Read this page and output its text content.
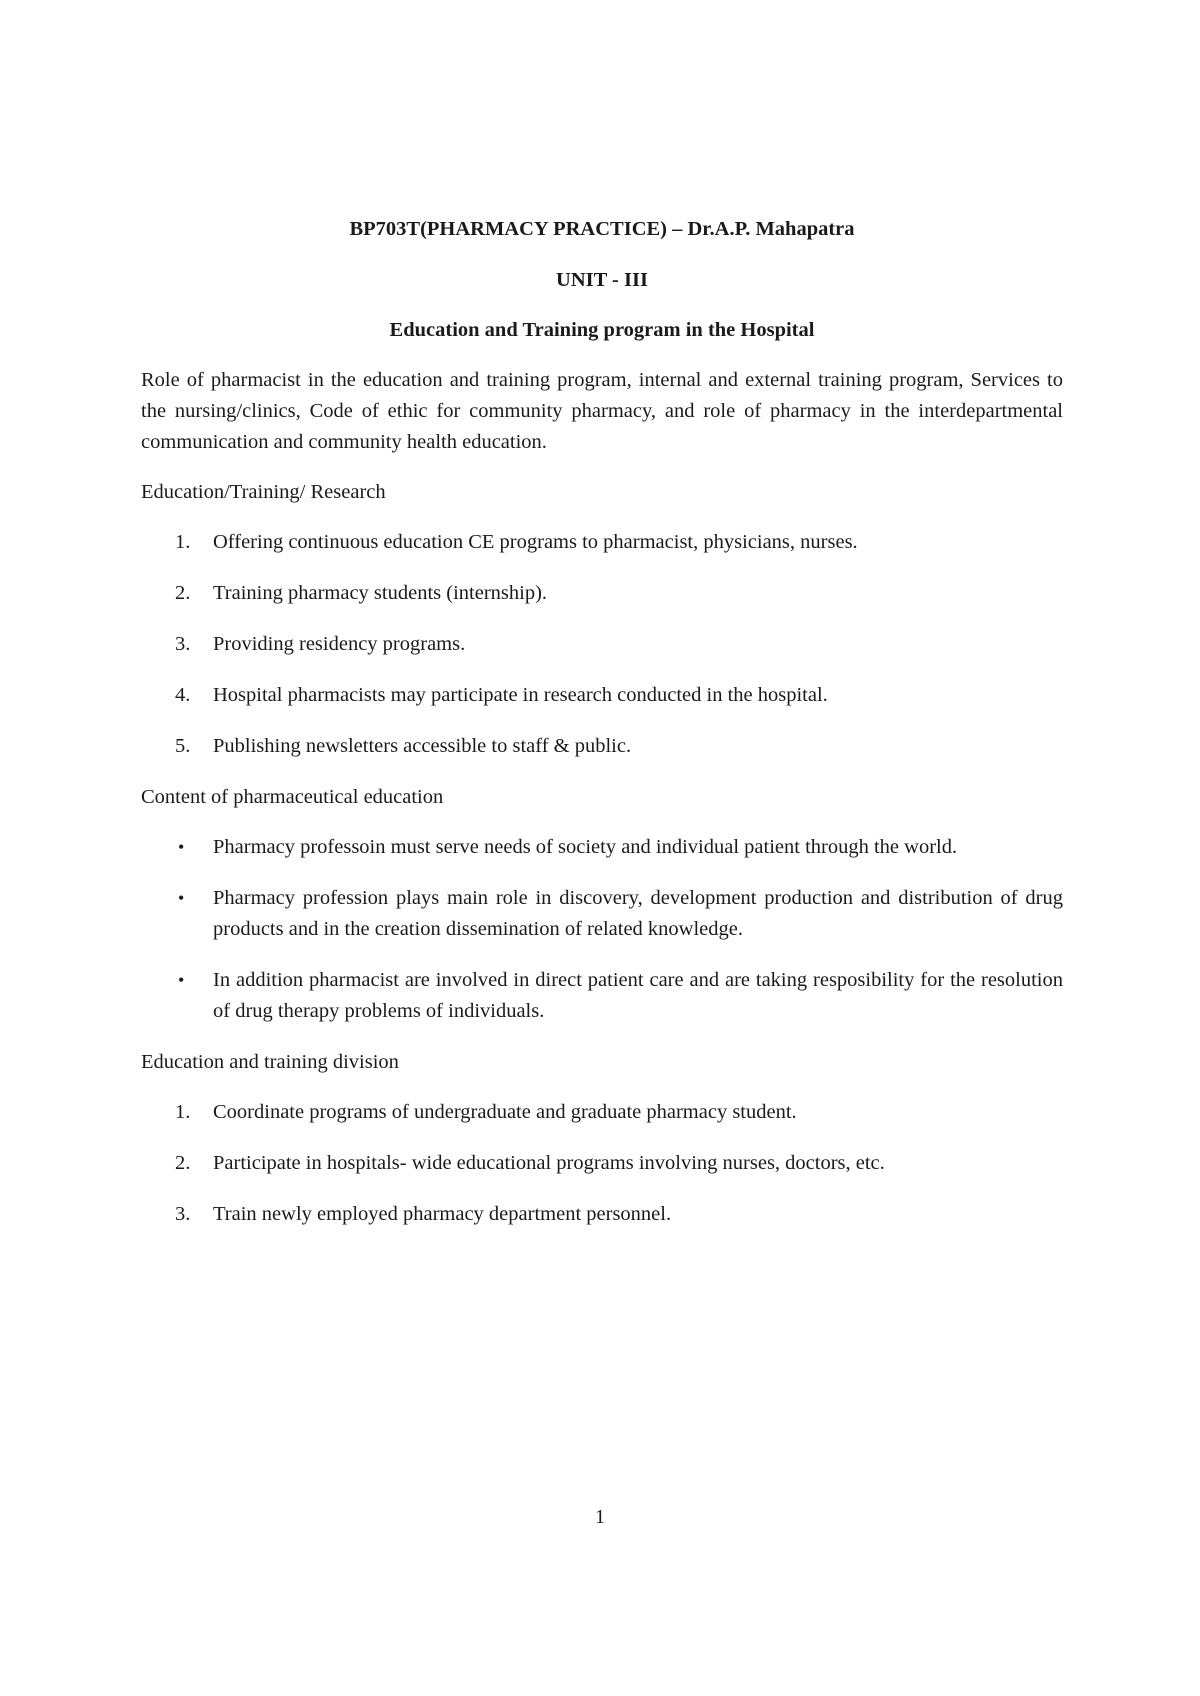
BP703T(PHARMACY PRACTICE) – Dr.A.P. Mahapatra
UNIT - III
Education and Training program in the Hospital

Role of pharmacist in the education and training program, internal and external training program, Services to the nursing/clinics, Code of ethic for community pharmacy, and role of pharmacy in the interdepartmental communication and community health education.

Education/Training/ Research
1. Offering continuous education CE programs to pharmacist, physicians, nurses.
2. Training pharmacy students (internship).
3. Providing residency programs.
4. Hospital pharmacists may participate in research conducted in the hospital.
5. Publishing newsletters accessible to staff & public.
Content of pharmaceutical education
• Pharmacy professoin must serve needs of society and individual patient through the world.
• Pharmacy profession plays main role in discovery, development production and distribution of drug products and in the creation dissemination of related knowledge.
• In addition pharmacist are involved in direct patient care and are taking resposibility for the resolution of drug therapy problems of individuals.
Education and training division
1. Coordinate programs of undergraduate and graduate pharmacy student.
2. Participate in hospitals- wide educational programs involving nurses, doctors, etc.
3. Train newly employed pharmacy department personnel.
1
